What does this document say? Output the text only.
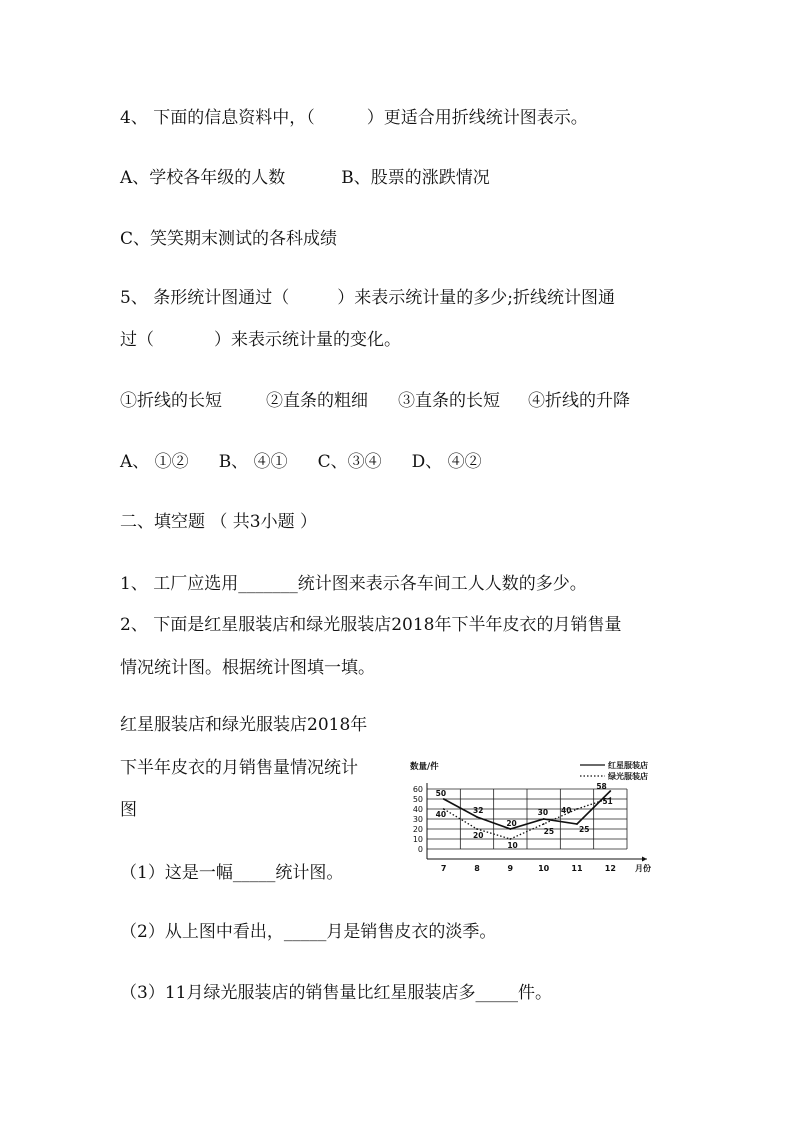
4、 下面的信息资料中，（	）更适合用折线统计图表示。
A、学校各年级的人数	B、股票的涨跌情况
C、笑笑期末测试的各科成绩
5、 条形统计图通过（	）来表示统计量的多少;折线统计图通
过（	）来表示统计量的变化。
①折线的长短	②直条的粗细 ③直条的长短 ④折线的升降
A、 ①② B、 ④① C、③④ D、 ④②
二、填空题 （ 共3小题 ）
1、 工厂应选用_______统计图来表示各车间工人人数的多少。
2、 下面是红星服装店和绿光服装店2018年下半年皮衣的月销售量
情况统计图。根据统计图填一填。
红星服装店和绿光服装店2018年
下半年皮衣的月销售量情况统计
图
（1）这是一幅_____统计图。
（2）从上图中看出，_____月是销售皮衣的淡季。
（3）11月绿光服装店的销售量比红星服装店多_____件。
0
10
20
30
40
50
60
7	8	9	10	11	12
数量/件
月份
红星服装店
绿光服装店
50
40	32
20
20
10
30
25
40
25
58
51
